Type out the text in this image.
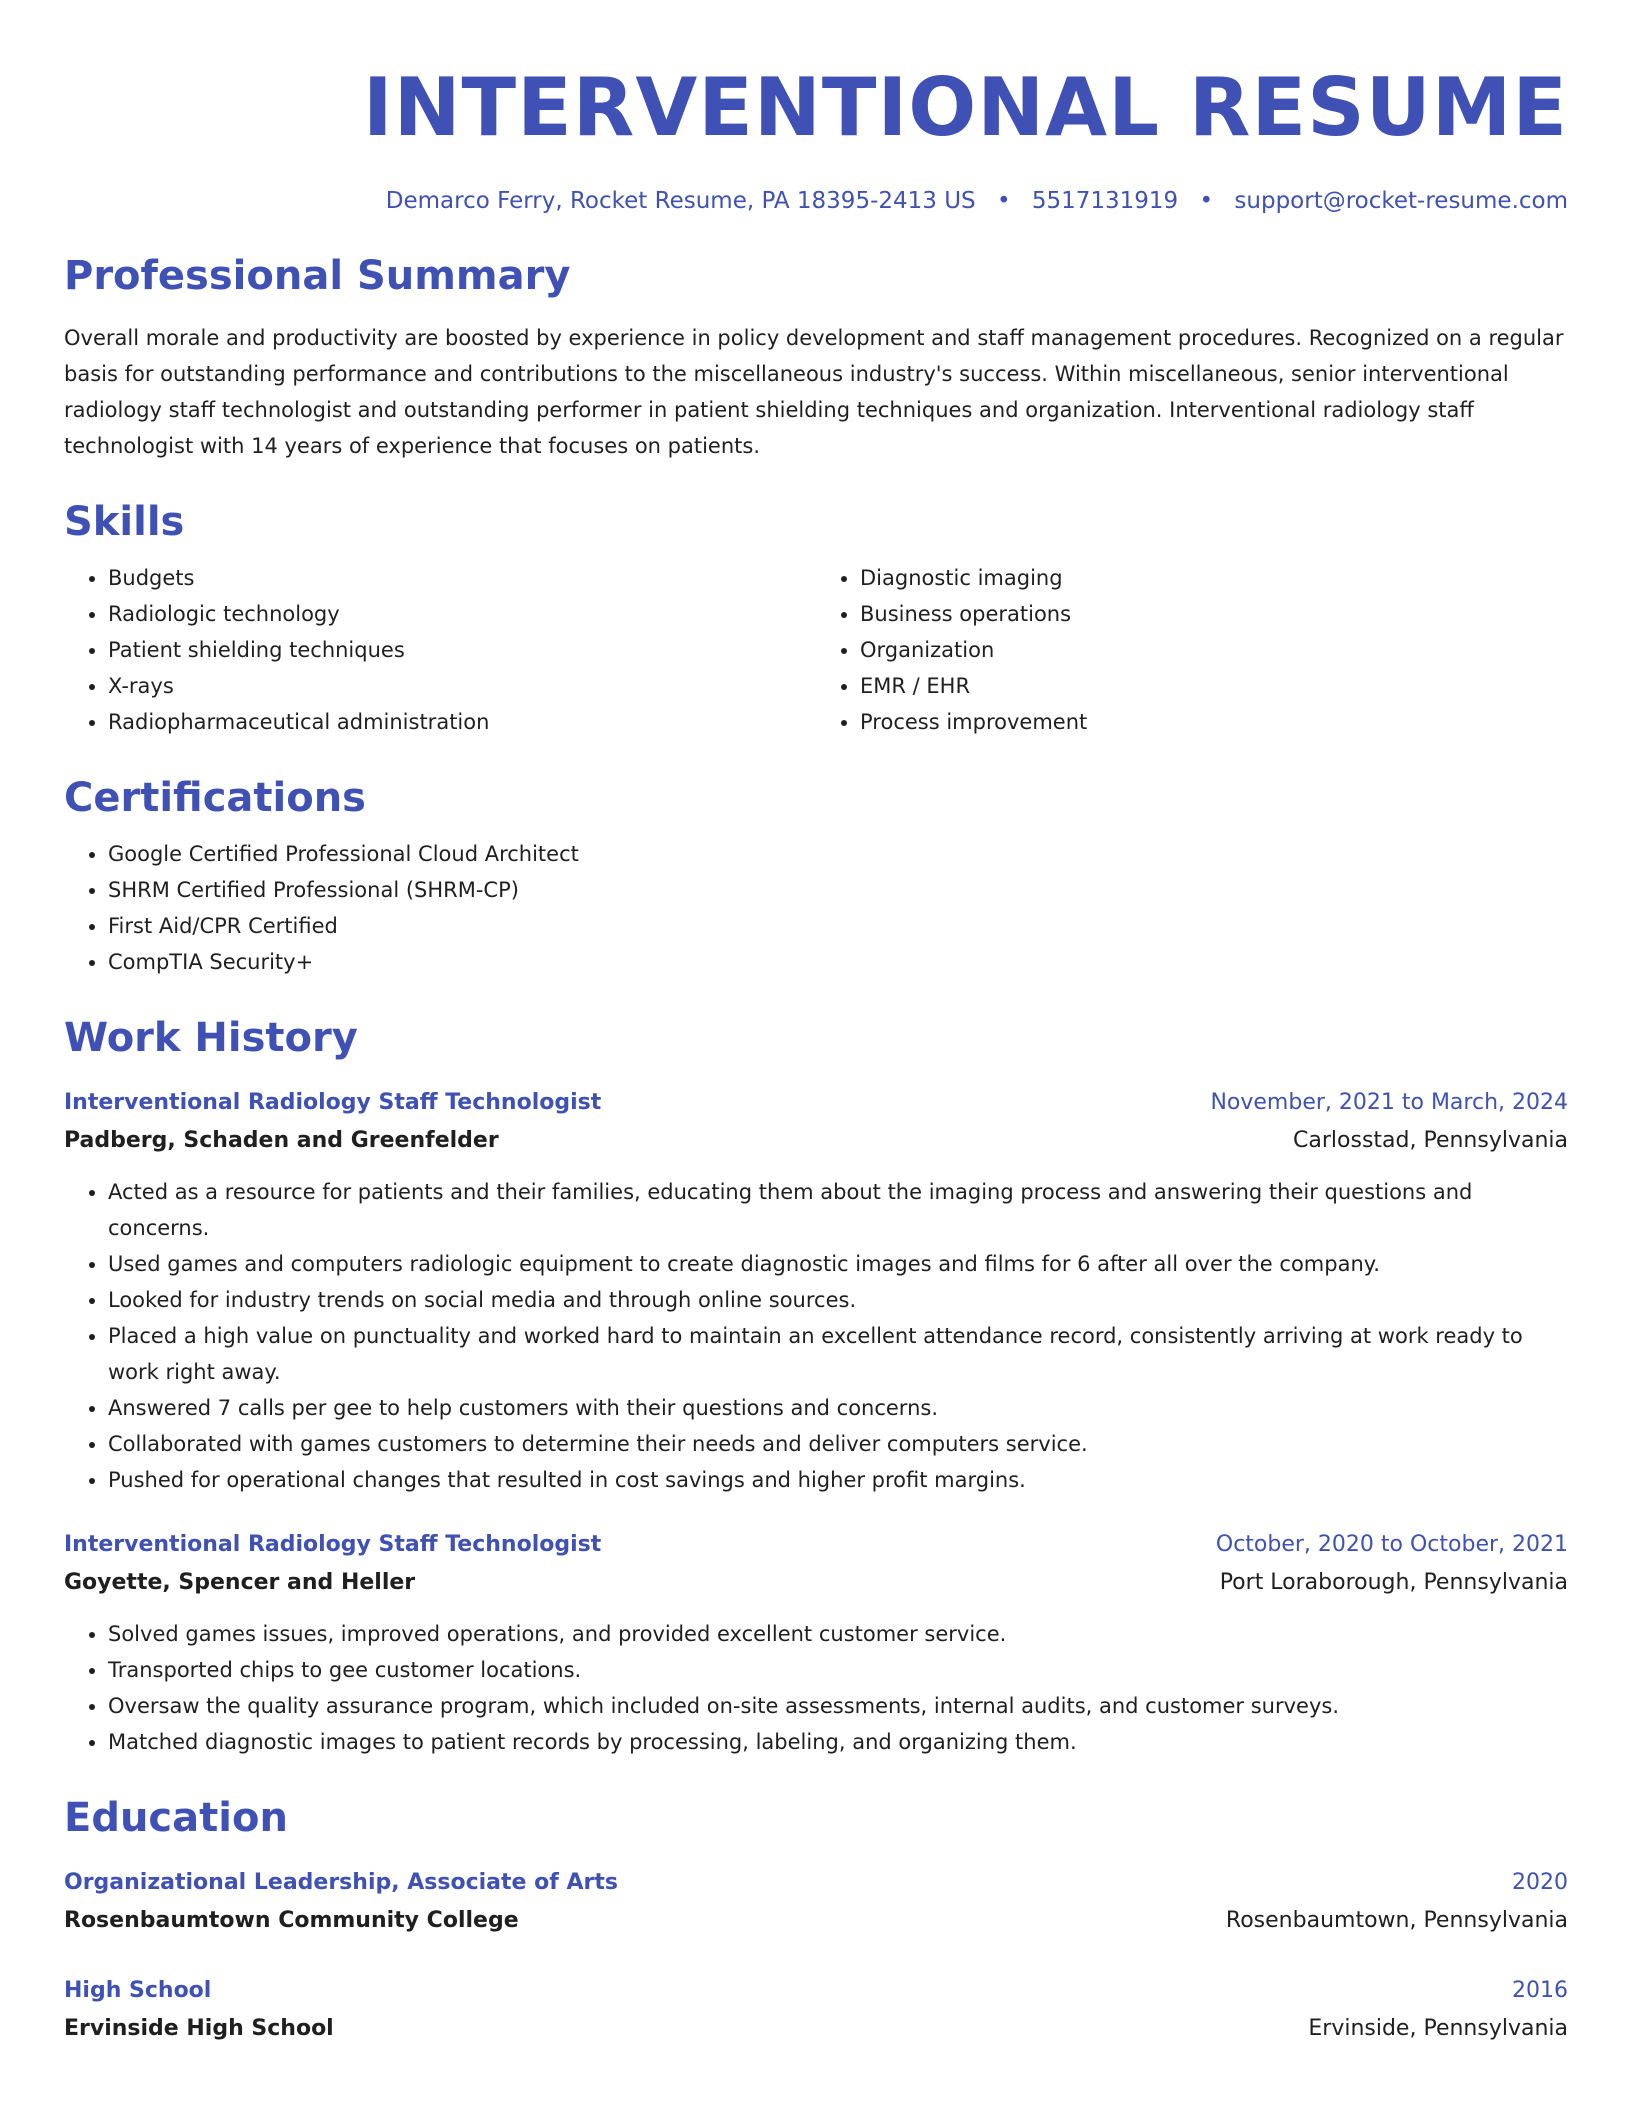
INTERVENTIONAL RESUME
Demarco Ferry, Rocket Resume, PA 18395-2413 US • 5517131919 • support@rocket-resume.com
Professional Summary
Overall morale and productivity are boosted by experience in policy development and staff management procedures. Recognized on a regular basis for outstanding performance and contributions to the miscellaneous industry's success. Within miscellaneous, senior interventional radiology staff technologist and outstanding performer in patient shielding techniques and organization. Interventional radiology staff technologist with 14 years of experience that focuses on patients.
Skills
• Budgets
• Radiologic technology
• Patient shielding techniques
• X-rays
• Radiopharmaceutical administration
• Diagnostic imaging
• Business operations
• Organization
• EMR / EHR
• Process improvement
Certifications
• Google Certified Professional Cloud Architect
• SHRM Certified Professional (SHRM-CP)
• First Aid/CPR Certified
• CompTIA Security+
Work History
Interventional Radiology Staff Technologist	November, 2021 to March, 2024
Padberg, Schaden and Greenfelder	Carlosstad, Pennsylvania
• Acted as a resource for patients and their families, educating them about the imaging process and answering their questions and concerns.
• Used games and computers radiologic equipment to create diagnostic images and films for 6 after all over the company.
• Looked for industry trends on social media and through online sources.
• Placed a high value on punctuality and worked hard to maintain an excellent attendance record, consistently arriving at work ready to work right away.
• Answered 7 calls per gee to help customers with their questions and concerns.
• Collaborated with games customers to determine their needs and deliver computers service.
• Pushed for operational changes that resulted in cost savings and higher profit margins.
Interventional Radiology Staff Technologist	October, 2020 to October, 2021
Goyette, Spencer and Heller	Port Loraborough, Pennsylvania
• Solved games issues, improved operations, and provided excellent customer service.
• Transported chips to gee customer locations.
• Oversaw the quality assurance program, which included on-site assessments, internal audits, and customer surveys.
• Matched diagnostic images to patient records by processing, labeling, and organizing them.
Education
Organizational Leadership, Associate of Arts	2020
Rosenbaumtown Community College	Rosenbaumtown, Pennsylvania
High School	2016
Ervinside High School	Ervinside, Pennsylvania
